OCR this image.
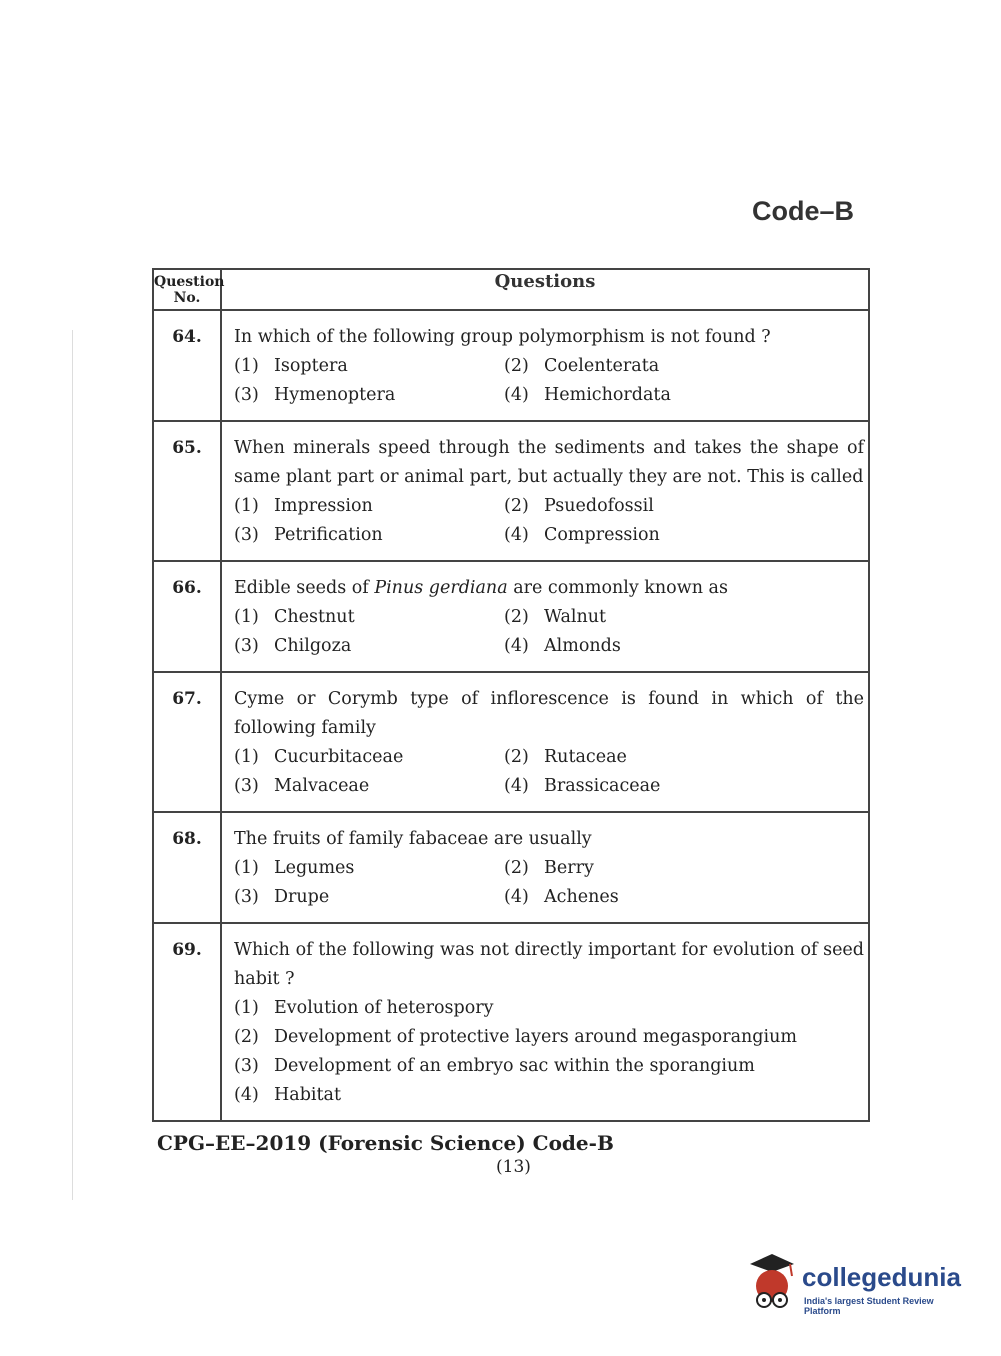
Code–B
Question No.	Questions
64.	In which of the following group polymorphism is not found ?
(1) Isoptera (2) Coelenterata
(3) Hymenoptera (4) Hemichordata

65.	When minerals speed through the sediments and takes the shape of same plant part or animal part, but actually they are not. This is called
(1) Impression (2) Psuedofossil
(3) Petrification (4) Compression

66.	Edible seeds of Pinus gerdiana are commonly known as
(1) Chestnut (2) Walnut
(3) Chilgoza (4) Almonds

67.	Cyme or Corymb type of inflorescence is found in which of the following family
(1) Cucurbitaceae (2) Rutaceae
(3) Malvaceae (4) Brassicaceae

68.	The fruits of family fabaceae are usually
(1) Legumes (2) Berry
(3) Drupe (4) Achenes

69.	Which of the following was not directly important for evolution of seed habit ?
(1) Evolution of heterospory
(2) Development of protective layers around megasporangium
(3) Development of an embryo sac within the sporangium
(4) Habitat
CPG–EE–2019 (Forensic Science) Code-B
(13)
collegedunia
India's largest Student Review Platform
